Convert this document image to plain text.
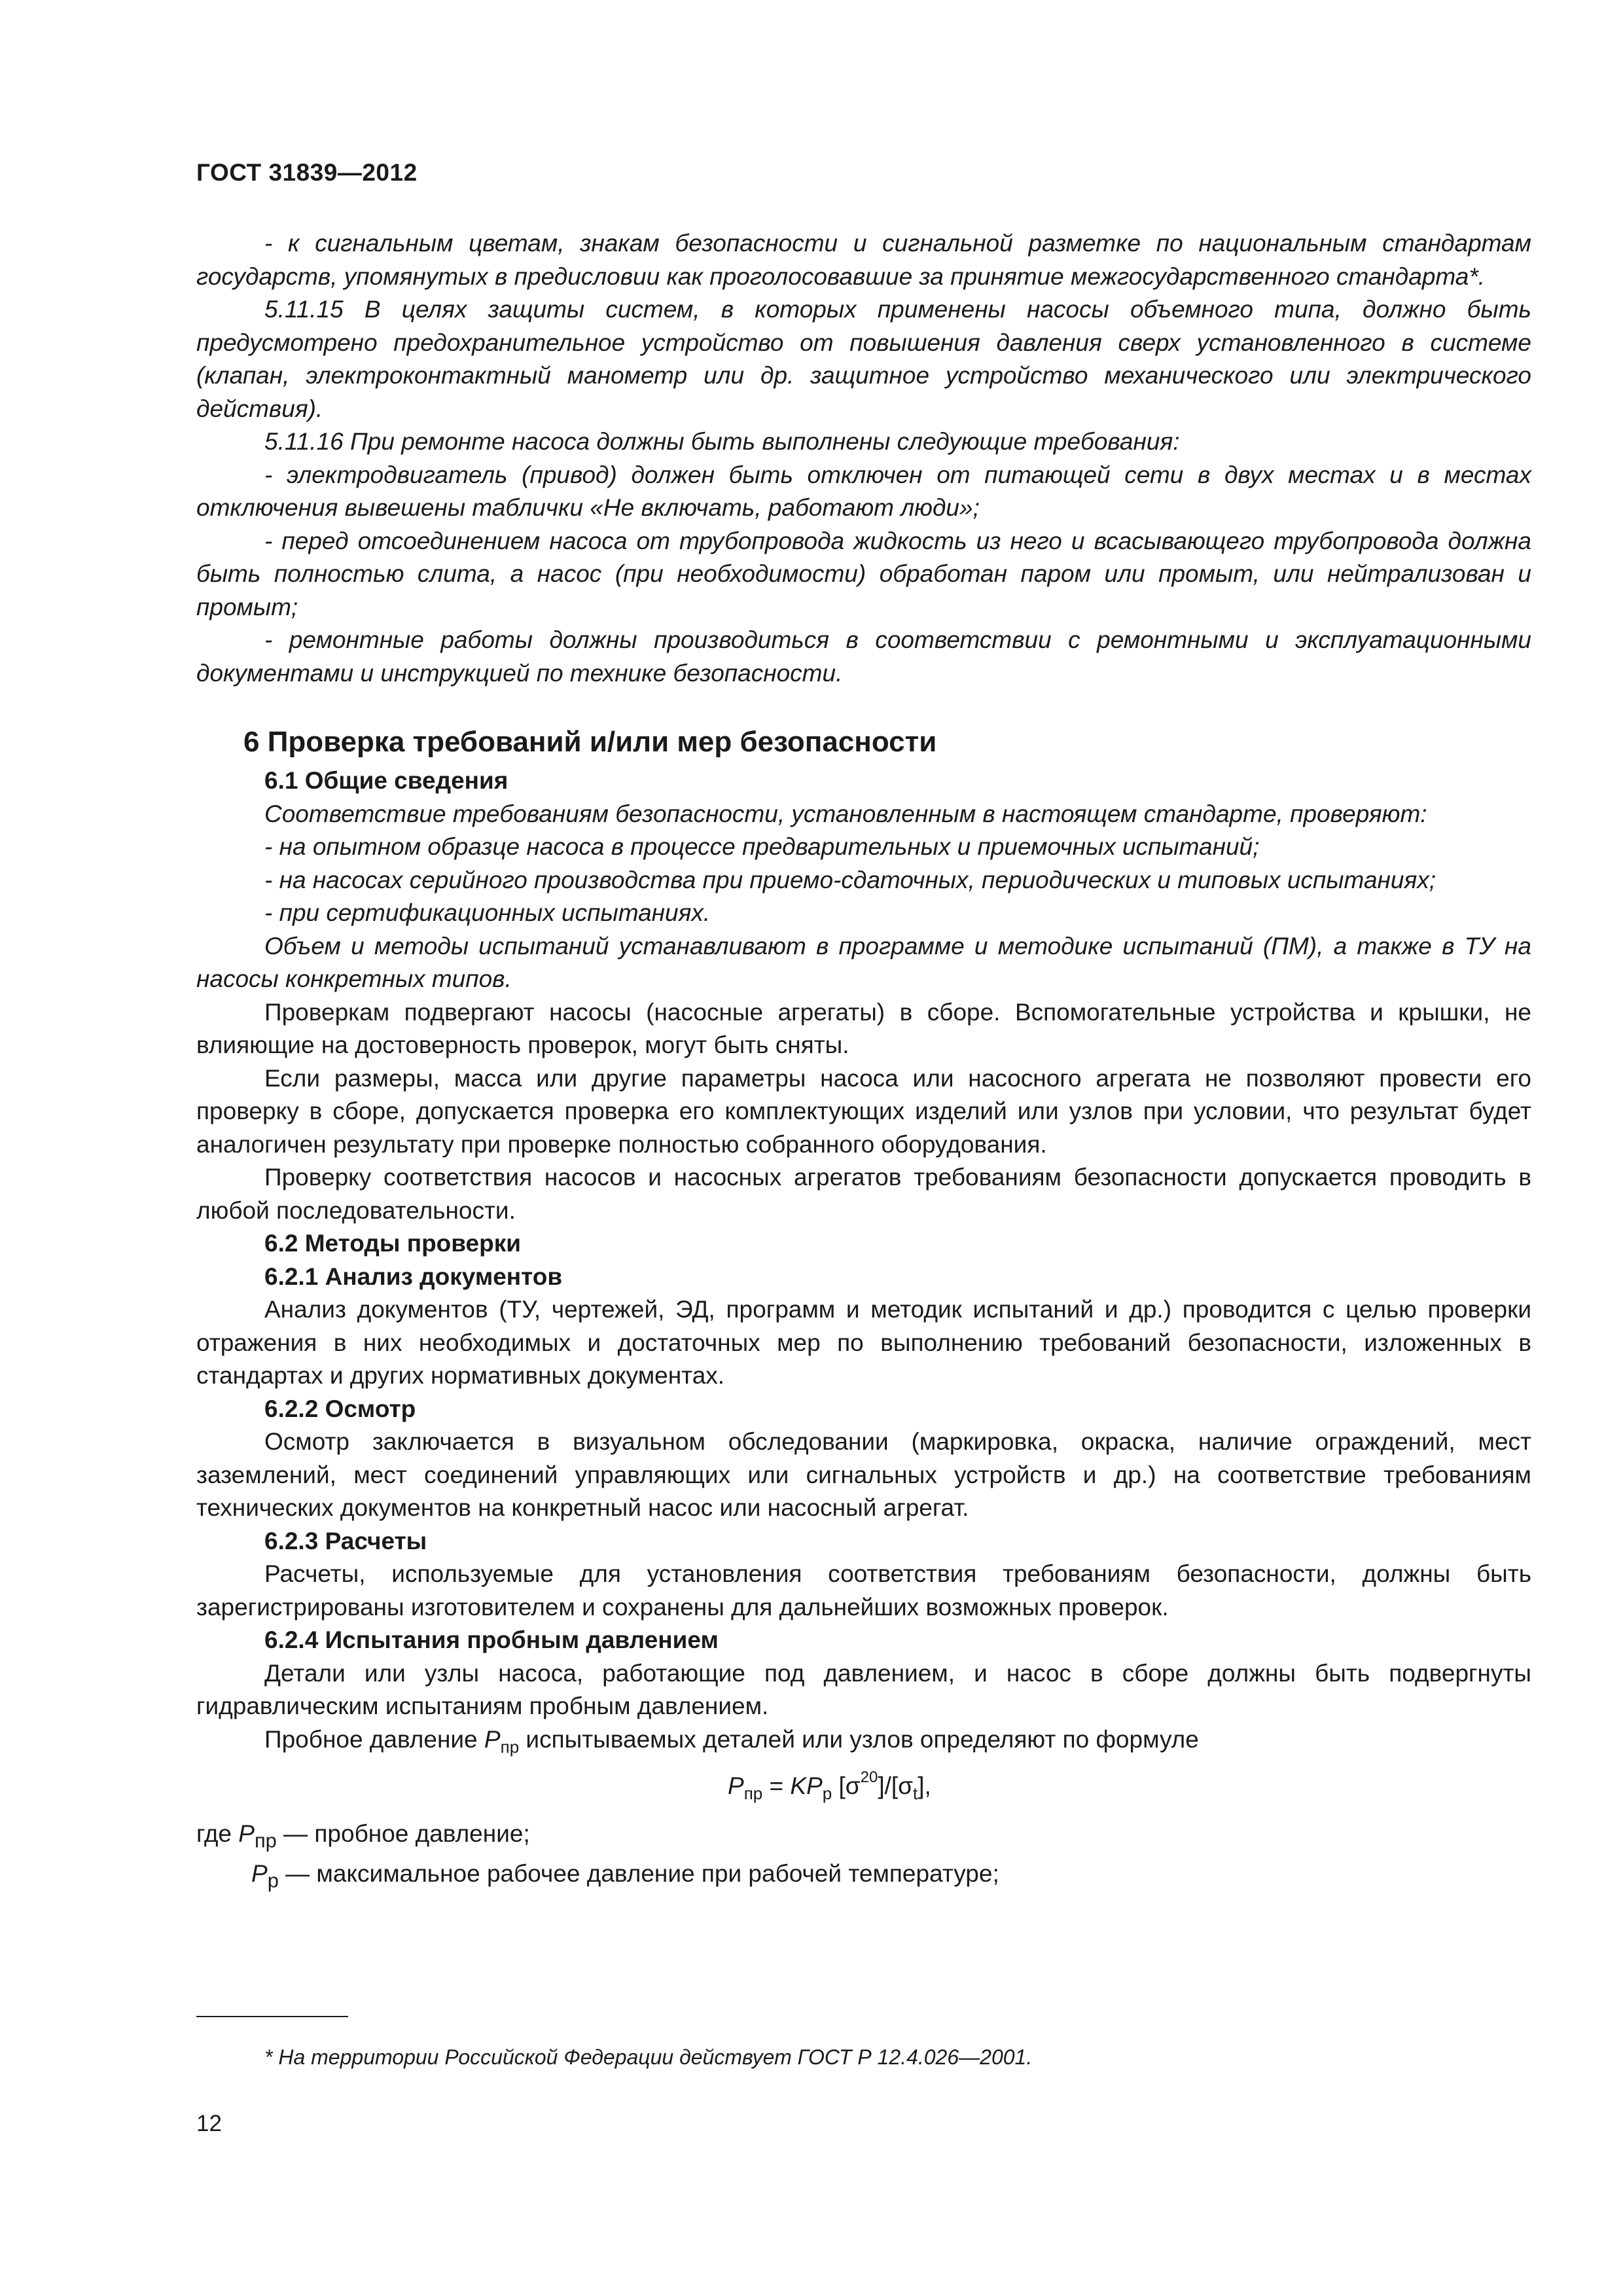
ГОСТ 31839—2012

- к сигнальным цветам, знакам безопасности и сигнальной разметке по национальным стандартам государств, упомянутых в предисловии как проголосовавшие за принятие межгосударственного стандарта*.

5.11.15 В целях защиты систем, в которых применены насосы объемного типа, должно быть предусмотрено предохранительное устройство от повышения давления сверх установленного в системе (клапан, электроконтактный манометр или др. защитное устройство механического или электрического действия).

5.11.16 При ремонте насоса должны быть выполнены следующие требования:

- электродвигатель (привод) должен быть отключен от питающей сети в двух местах и в местах отключения вывешены таблички «Не включать, работают люди»;

- перед отсоединением насоса от трубопровода жидкость из него и всасывающего трубопровода должна быть полностью слита, а насос (при необходимости) обработан паром или промыт, или нейтрализован и промыт;

- ремонтные работы должны производиться в соответствии с ремонтными и эксплуатационными документами и инструкцией по технике безопасности.

6 Проверка требований и/или мер безопасности
6.1 Общие сведения

Соответствие требованиям безопасности, установленным в настоящем стандарте, проверяют:

- на опытном образце насоса в процессе предварительных и приемочных испытаний;

- на насосах серийного производства при приемо-сдаточных, периодических и типовых испытаниях;

- при сертификационных испытаниях.

Объем и методы испытаний устанавливают в программе и методике испытаний (ПМ), а также в ТУ на насосы конкретных типов.

Проверкам подвергают насосы (насосные агрегаты) в сборе. Вспомогательные устройства и крышки, не влияющие на достоверность проверок, могут быть сняты.

Если размеры, масса или другие параметры насоса или насосного агрегата не позволяют провести его проверку в сборе, допускается проверка его комплектующих изделий или узлов при условии, что результат будет аналогичен результату при проверке полностью собранного оборудования.

Проверку соответствия насосов и насосных агрегатов требованиям безопасности допускается проводить в любой последовательности.

6.2 Методы проверки
6.2.1 Анализ документов

Анализ документов (ТУ, чертежей, ЭД, программ и методик испытаний и др.) проводится с целью проверки отражения в них необходимых и достаточных мер по выполнению требований безопасности, изложенных в стандартах и других нормативных документах.

6.2.2 Осмотр

Осмотр заключается в визуальном обследовании (маркировка, окраска, наличие ограждений, мест заземлений, мест соединений управляющих или сигнальных устройств и др.) на соответствие требованиям технических документов на конкретный насос или насосный агрегат.

6.2.3 Расчеты

Расчеты, используемые для установления соответствия требованиям безопасности, должны быть зарегистрированы изготовителем и сохранены для дальнейших возможных проверок.

6.2.4 Испытания пробным давлением

Детали или узлы насоса, работающие под давлением, и насос в сборе должны быть подвергнуты гидравлическим испытаниям пробным давлением.

Пробное давление $P_{пр}$ испытываемых деталей или узлов определяют по формуле

$P_{пр} = KP_р$ $[\sigma^{20}]/[\sigma_t]$,

где $P_{пр}$ — пробное давление;

$P_р$ — максимальное рабочее давление при рабочей температуре;

* На территории Российской Федерации действует ГОСТ Р 12.4.026—2001.
12
